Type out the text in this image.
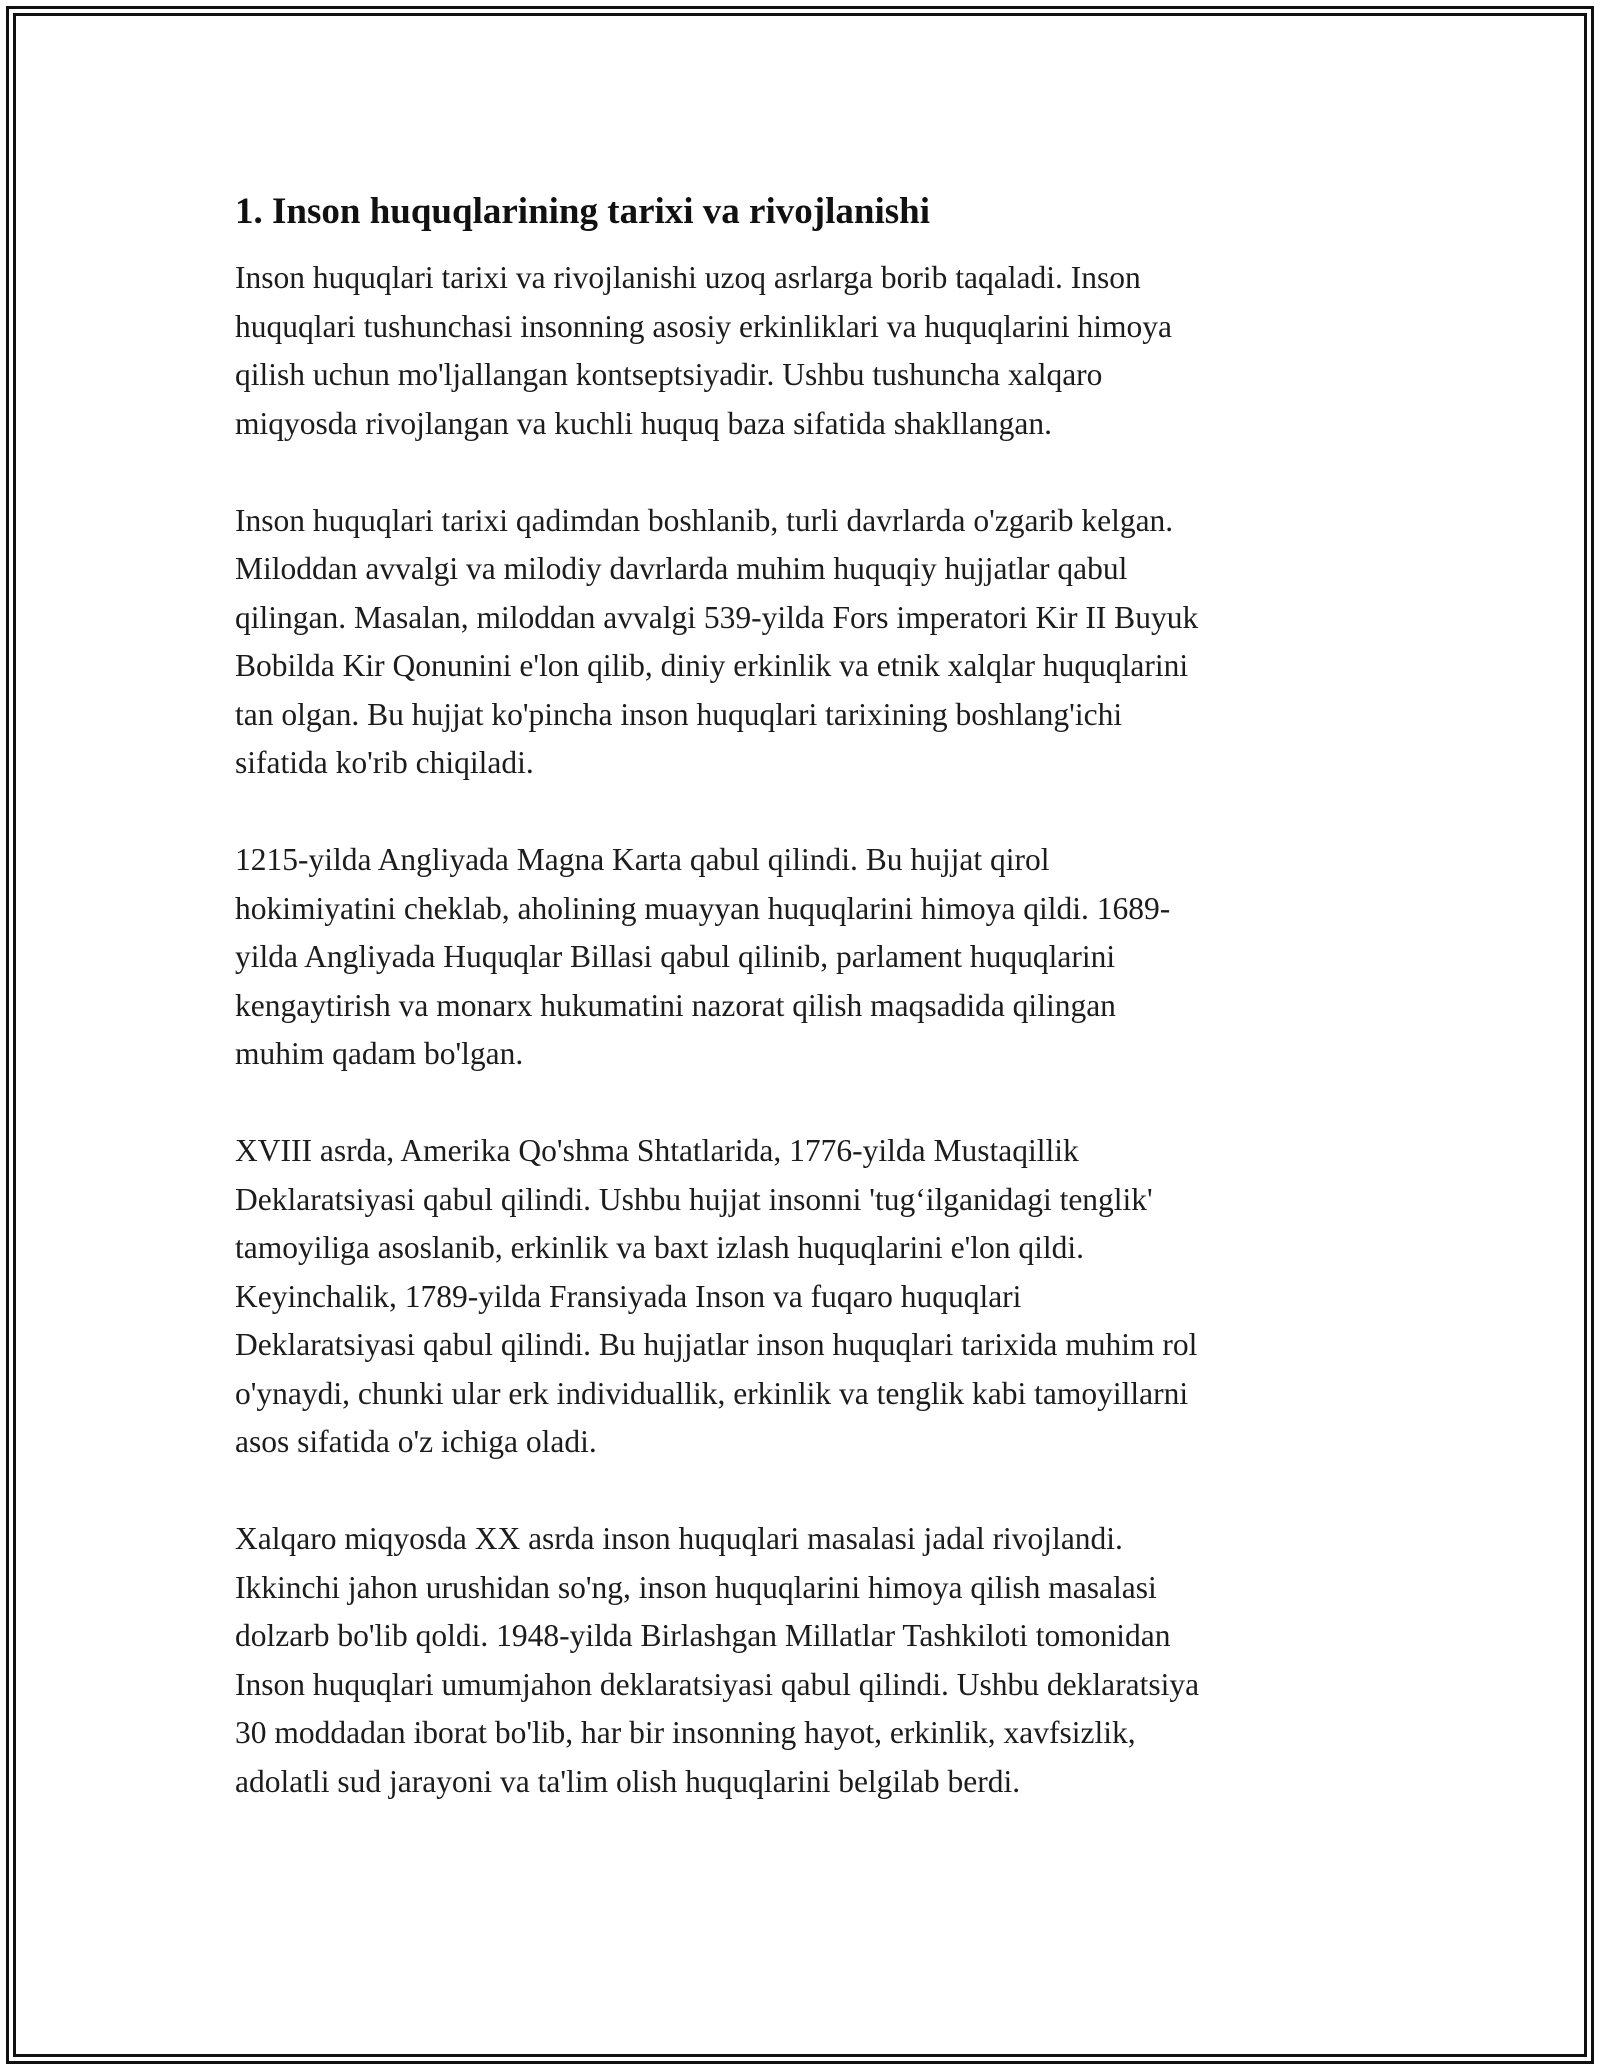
1. Inson huquqlarining tarixi va rivojlanishi
Inson huquqlari tarixi va rivojlanishi uzoq asrlarga borib taqaladi. Inson
huquqlari tushunchasi insonning asosiy erkinliklari va huquqlarini himoya
qilish uchun mo'ljallangan kontseptsiyadir. Ushbu tushuncha xalqaro
miqyosda rivojlangan va kuchli huquq baza sifatida shakllangan.
Inson huquqlari tarixi qadimdan boshlanib, turli davrlarda o'zgarib kelgan.
Miloddan avvalgi va milodiy davrlarda muhim huquqiy hujjatlar qabul
qilingan. Masalan, miloddan avvalgi 539-yilda Fors imperatori Kir II Buyuk
Bobilda Kir Qonunini e'lon qilib, diniy erkinlik va etnik xalqlar huquqlarini
tan olgan. Bu hujjat ko'pincha inson huquqlari tarixining boshlang'ichi
sifatida ko'rib chiqiladi.
1215-yilda Angliyada Magna Karta qabul qilindi. Bu hujjat qirol
hokimiyatini cheklab, aholining muayyan huquqlarini himoya qildi. 1689-
yilda Angliyada Huquqlar Billasi qabul qilinib, parlament huquqlarini
kengaytirish va monarx hukumatini nazorat qilish maqsadida qilingan
muhim qadam bo'lgan.
XVIII asrda, Amerika Qo'shma Shtatlarida, 1776-yilda Mustaqillik
Deklaratsiyasi qabul qilindi. Ushbu hujjat insonni 'tug‘ilganidagi tenglik'
tamoyiliga asoslanib, erkinlik va baxt izlash huquqlarini e'lon qildi.
Keyinchalik, 1789-yilda Fransiyada Inson va fuqaro huquqlari
Deklaratsiyasi qabul qilindi. Bu hujjatlar inson huquqlari tarixida muhim rol
o'ynaydi, chunki ular erk individuallik, erkinlik va tenglik kabi tamoyillarni
asos sifatida o'z ichiga oladi.
Xalqaro miqyosda XX asrda inson huquqlari masalasi jadal rivojlandi.
Ikkinchi jahon urushidan so'ng, inson huquqlarini himoya qilish masalasi
dolzarb bo'lib qoldi. 1948-yilda Birlashgan Millatlar Tashkiloti tomonidan
Inson huquqlari umumjahon deklaratsiyasi qabul qilindi. Ushbu deklaratsiya
30 moddadan iborat bo'lib, har bir insonning hayot, erkinlik, xavfsizlik,
adolatli sud jarayoni va ta'lim olish huquqlarini belgilab berdi.
